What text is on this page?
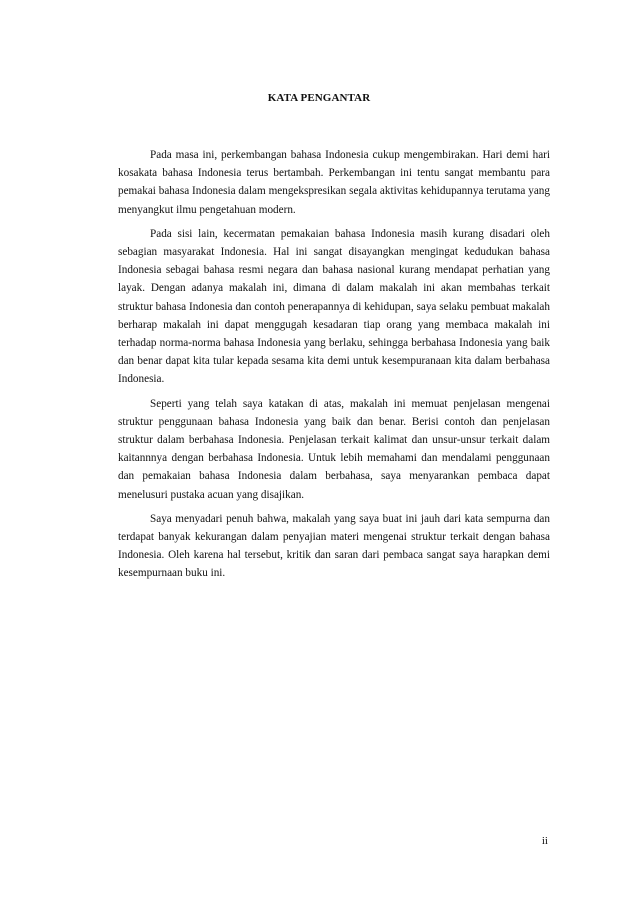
KATA PENGANTAR

Pada masa ini, perkembangan bahasa Indonesia cukup mengembirakan. Hari demi hari kosakata bahasa Indonesia terus bertambah. Perkembangan ini tentu sangat membantu para pemakai bahasa Indonesia dalam mengekspresikan segala aktivitas kehidupannya terutama yang menyangkut ilmu pengetahuan modern.

Pada sisi lain, kecermatan pemakaian bahasa Indonesia masih kurang disadari oleh sebagian masyarakat Indonesia. Hal ini sangat disayangkan mengingat kedudukan bahasa Indonesia sebagai bahasa resmi negara dan bahasa nasional kurang mendapat perhatian yang layak. Dengan adanya makalah ini, dimana di dalam makalah ini akan membahas terkait struktur bahasa Indonesia dan contoh penerapannya di kehidupan, saya selaku pembuat makalah berharap makalah ini dapat menggugah kesadaran tiap orang yang membaca makalah ini terhadap norma-norma bahasa Indonesia yang berlaku, sehingga berbahasa Indonesia yang baik dan benar dapat kita tular kepada sesama kita demi untuk kesempuranaan kita dalam berbahasa Indonesia.

Seperti yang telah saya katakan di atas, makalah ini memuat penjelasan mengenai struktur penggunaan bahasa Indonesia yang baik dan benar. Berisi contoh dan penjelasan struktur dalam berbahasa Indonesia. Penjelasan terkait kalimat dan unsur-unsur terkait dalam kaitannnya dengan berbahasa Indonesia. Untuk lebih memahami dan mendalami penggunaan dan pemakaian bahasa Indonesia dalam berbahasa, saya menyarankan pembaca dapat menelusuri pustaka acuan yang disajikan.

Saya menyadari penuh bahwa, makalah yang saya buat ini jauh dari kata sempurna dan terdapat banyak kekurangan dalam penyajian materi mengenai struktur terkait dengan bahasa Indonesia. Oleh karena hal tersebut, kritik dan saran dari pembaca sangat saya harapkan demi kesempurnaan buku ini.

ii
